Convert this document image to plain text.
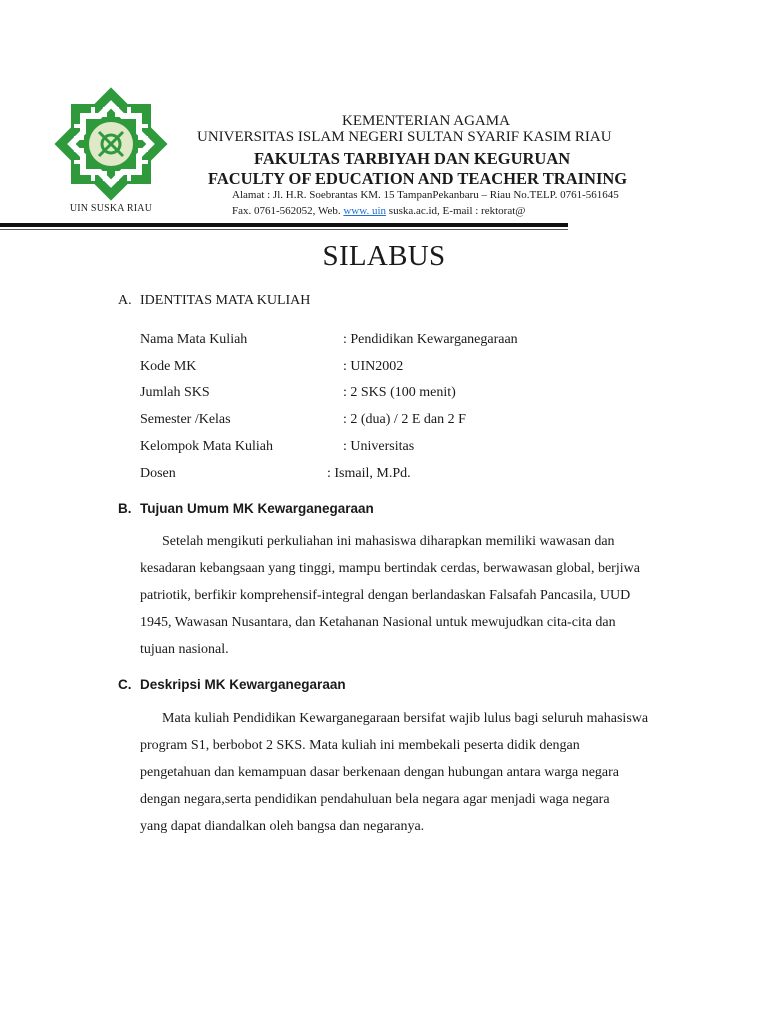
UIN SUSKA RIAU
KEMENTERIAN AGAMA
UNIVERSITAS ISLAM NEGERI SULTAN SYARIF KASIM RIAU
FAKULTAS TARBIYAH DAN KEGURUAN
FACULTY OF EDUCATION AND TEACHER TRAINING
Alamat : Jl. H.R. Soebrantas KM. 15 TampanPekanbaru – Riau No.TELP. 0761-561645
Fax. 0761-562052, Web. www. uin suska.ac.id, E-mail : rektorat@
SILABUS
A. IDENTITAS MATA KULIAH
Nama Mata Kuliah	: Pendidikan Kewarganegaraan
Kode MK	: UIN2002
Jumlah SKS	: 2 SKS (100 menit)
Semester /Kelas	: 2 (dua) / 2 E dan 2 F
Kelompok Mata Kuliah	: Universitas
Dosen	: Ismail, M.Pd.
B. Tujuan Umum MK Kewarganegaraan
Setelah mengikuti perkuliahan ini mahasiswa diharapkan memiliki wawasan dan
kesadaran kebangsaan yang tinggi, mampu bertindak cerdas, berwawasan global, berjiwa
patriotik, berfikir komprehensif-integral dengan berlandaskan Falsafah Pancasila, UUD
1945, Wawasan Nusantara, dan Ketahanan Nasional untuk mewujudkan cita-cita dan
tujuan nasional.
C. Deskripsi MK Kewarganegaraan
Mata kuliah Pendidikan Kewarganegaraan bersifat wajib lulus bagi seluruh mahasiswa
program S1, berbobot 2 SKS. Mata kuliah ini membekali peserta didik dengan
pengetahuan dan kemampuan dasar berkenaan dengan hubungan antara warga negara
dengan negara,serta pendidikan pendahuluan bela negara agar menjadi waga negara
yang dapat diandalkan oleh bangsa dan negaranya.
